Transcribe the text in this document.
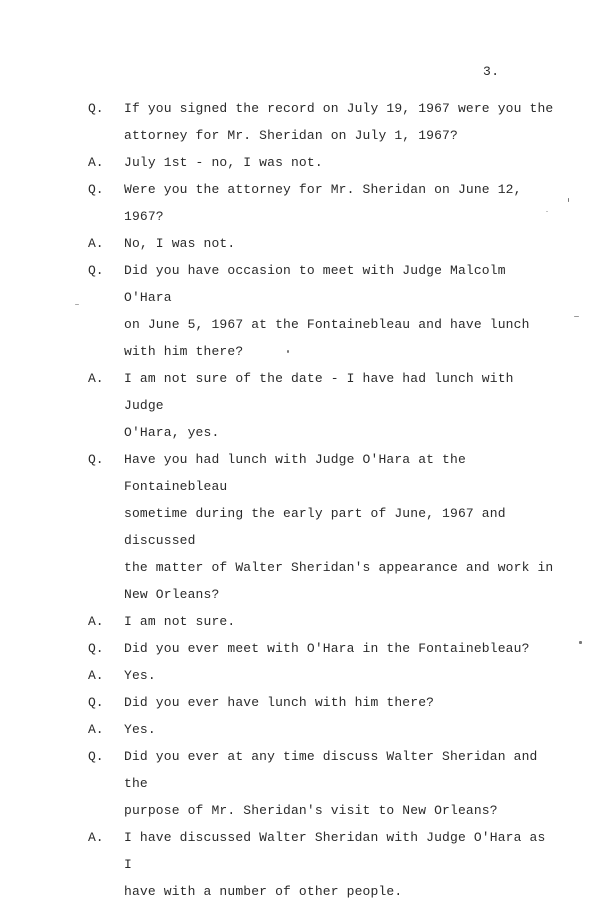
3.
Q. If you signed the record on July 19, 1967 were you the
attorney for Mr. Sheridan on July 1, 1967?
A. July 1st - no, I was not.
Q. Were you the attorney for Mr. Sheridan on June 12, 1967?
A. No, I was not.
Q. Did you have occasion to meet with Judge Malcolm O'Hara
on June 5, 1967 at the Fontainebleau and have lunch
with him there?
A. I am not sure of the date - I have had lunch with Judge
O'Hara, yes.
Q. Have you had lunch with Judge O'Hara at the Fontainebleau
sometime during the early part of June, 1967 and discussed
the matter of Walter Sheridan's appearance and work in
New Orleans?
A. I am not sure.
Q. Did you ever meet with O'Hara in the Fontainebleau?
A. Yes.
Q. Did you ever have lunch with him there?
A. Yes.
Q. Did you ever at any time discuss Walter Sheridan and the
purpose of Mr. Sheridan's visit to New Orleans?
A. I have discussed Walter Sheridan with Judge O'Hara as I
have with a number of other people.
